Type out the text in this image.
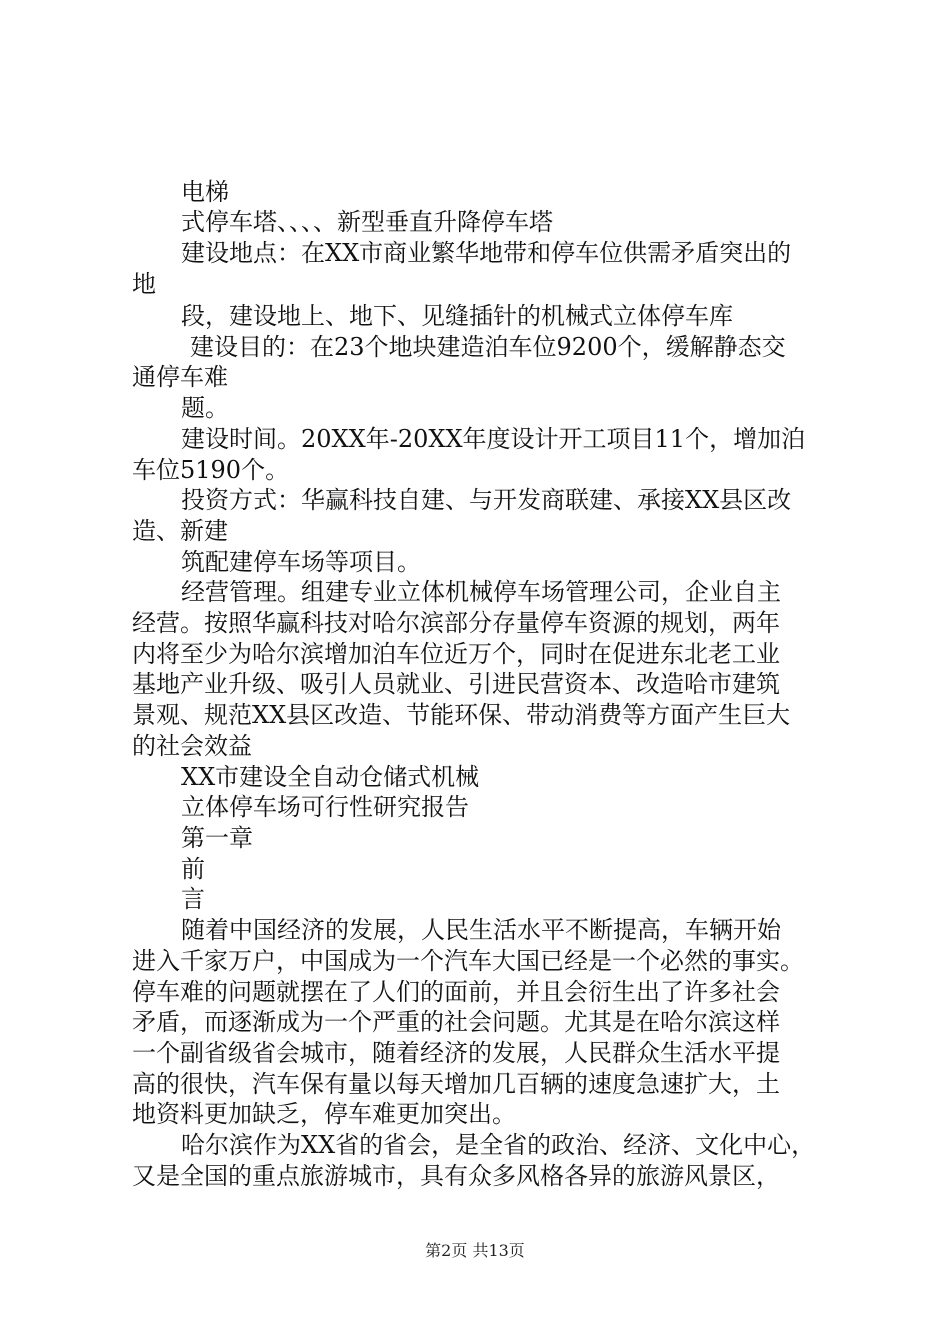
电梯
式停车塔、、、、新型垂直升降停车塔
建设地点：在XX市商业繁华地带和停车位供需矛盾突出的
地
段，建设地上、地下、见缝插针的机械式立体停车库
建设目的：在23个地块建造泊车位9200个，缓解静态交
通停车难
题。
建设时间。20XX年-20XX年度设计开工项目11个，增加泊
车位5190个。
投资方式：华赢科技自建、与开发商联建、承接XX县区改
造、新建
筑配建停车场等项目。
经营管理。组建专业立体机械停车场管理公司，企业自主
经营。按照华赢科技对哈尔滨部分存量停车资源的规划，两年
内将至少为哈尔滨增加泊车位近万个，同时在促进东北老工业
基地产业升级、吸引人员就业、引进民营资本、改造哈市建筑
景观、规范XX县区改造、节能环保、带动消费等方面产生巨大
的社会效益
XX市建设全自动仓储式机械
立体停车场可行性研究报告
第一章
前
言
随着中国经济的发展，人民生活水平不断提高，车辆开始
进入千家万户，中国成为一个汽车大国已经是一个必然的事实。
停车难的问题就摆在了人们的面前，并且会衍生出了许多社会
矛盾，而逐渐成为一个严重的社会问题。尤其是在哈尔滨这样
一个副省级省会城市，随着经济的发展，人民群众生活水平提
高的很快，汽车保有量以每天增加几百辆的速度急速扩大，土
地资料更加缺乏，停车难更加突出。
哈尔滨作为XX省的省会，是全省的政治、经济、文化中心，
又是全国的重点旅游城市，具有众多风格各异的旅游风景区，
第2页 共13页
